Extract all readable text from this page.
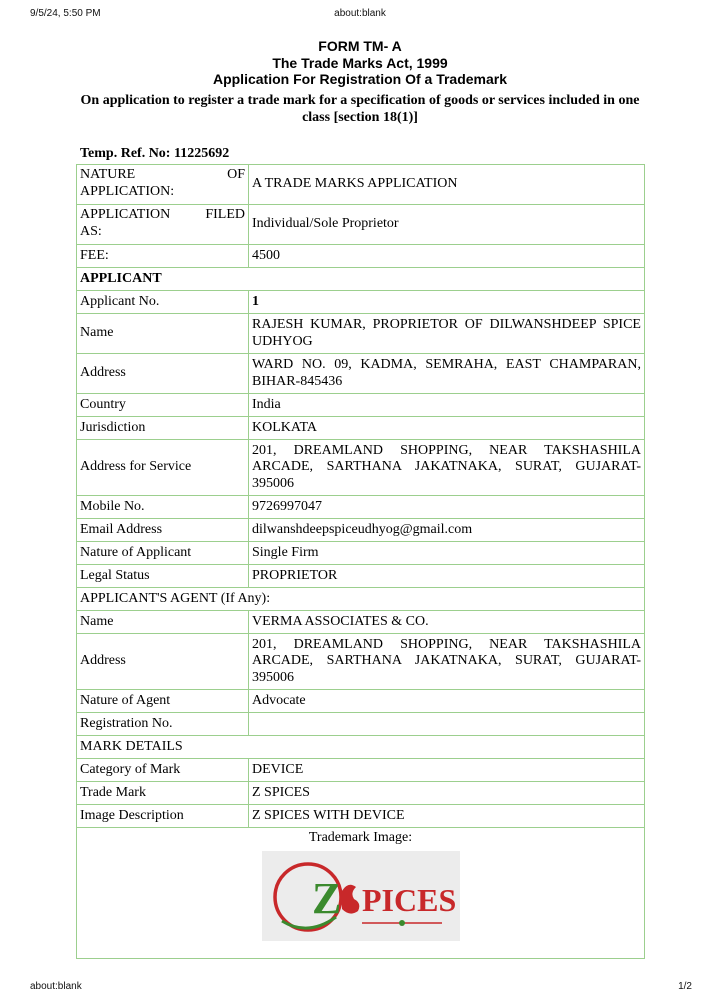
9/5/24, 5:50 PM	about:blank
FORM TM- A
The Trade Marks Act, 1999
Application For Registration Of a Trademark
On application to register a trade mark for a specification of goods or services included in one class [section 18(1)]
Temp. Ref. No: 11225692
NATURE OF
APPLICATION:	A TRADE MARKS APPLICATION

APPLICATION FILED
AS:	Individual/Sole Proprietor
FEE:	4500
APPLICANT	
Applicant No.	1
Name	RAJESH KUMAR, PROPRIETOR OF DILWANSHDEEP SPICE UDHYOG
Address	WARD NO. 09, KADMA, SEMRAHA, EAST CHAMPARAN, BIHAR-845436
Country	India
Jurisdiction	KOLKATA
Address for Service	201, DREAMLAND SHOPPING, NEAR TAKSHASHILA ARCADE, SARTHANA JAKATNAKA, SURAT, GUJARAT-395006
Mobile No.	9726997047
Email Address	dilwanshdeepspiceudhyog@gmail.com
Nature of Applicant	Single Firm
Legal Status	PROPRIETOR
APPLICANT'S AGENT (If Any):	
Name	VERMA ASSOCIATES & CO.
Address	201, DREAMLAND SHOPPING, NEAR TAKSHASHILA ARCADE, SARTHANA JAKATNAKA, SURAT, GUJARAT-395006
Nature of Agent	Advocate
Registration No.	
MARK DETAILS	
Category of Mark	DEVICE
Trade Mark	Z SPICES
Image Description	Z SPICES WITH DEVICE

Trademark Image:
Z PICES	
about:blank	1/2
